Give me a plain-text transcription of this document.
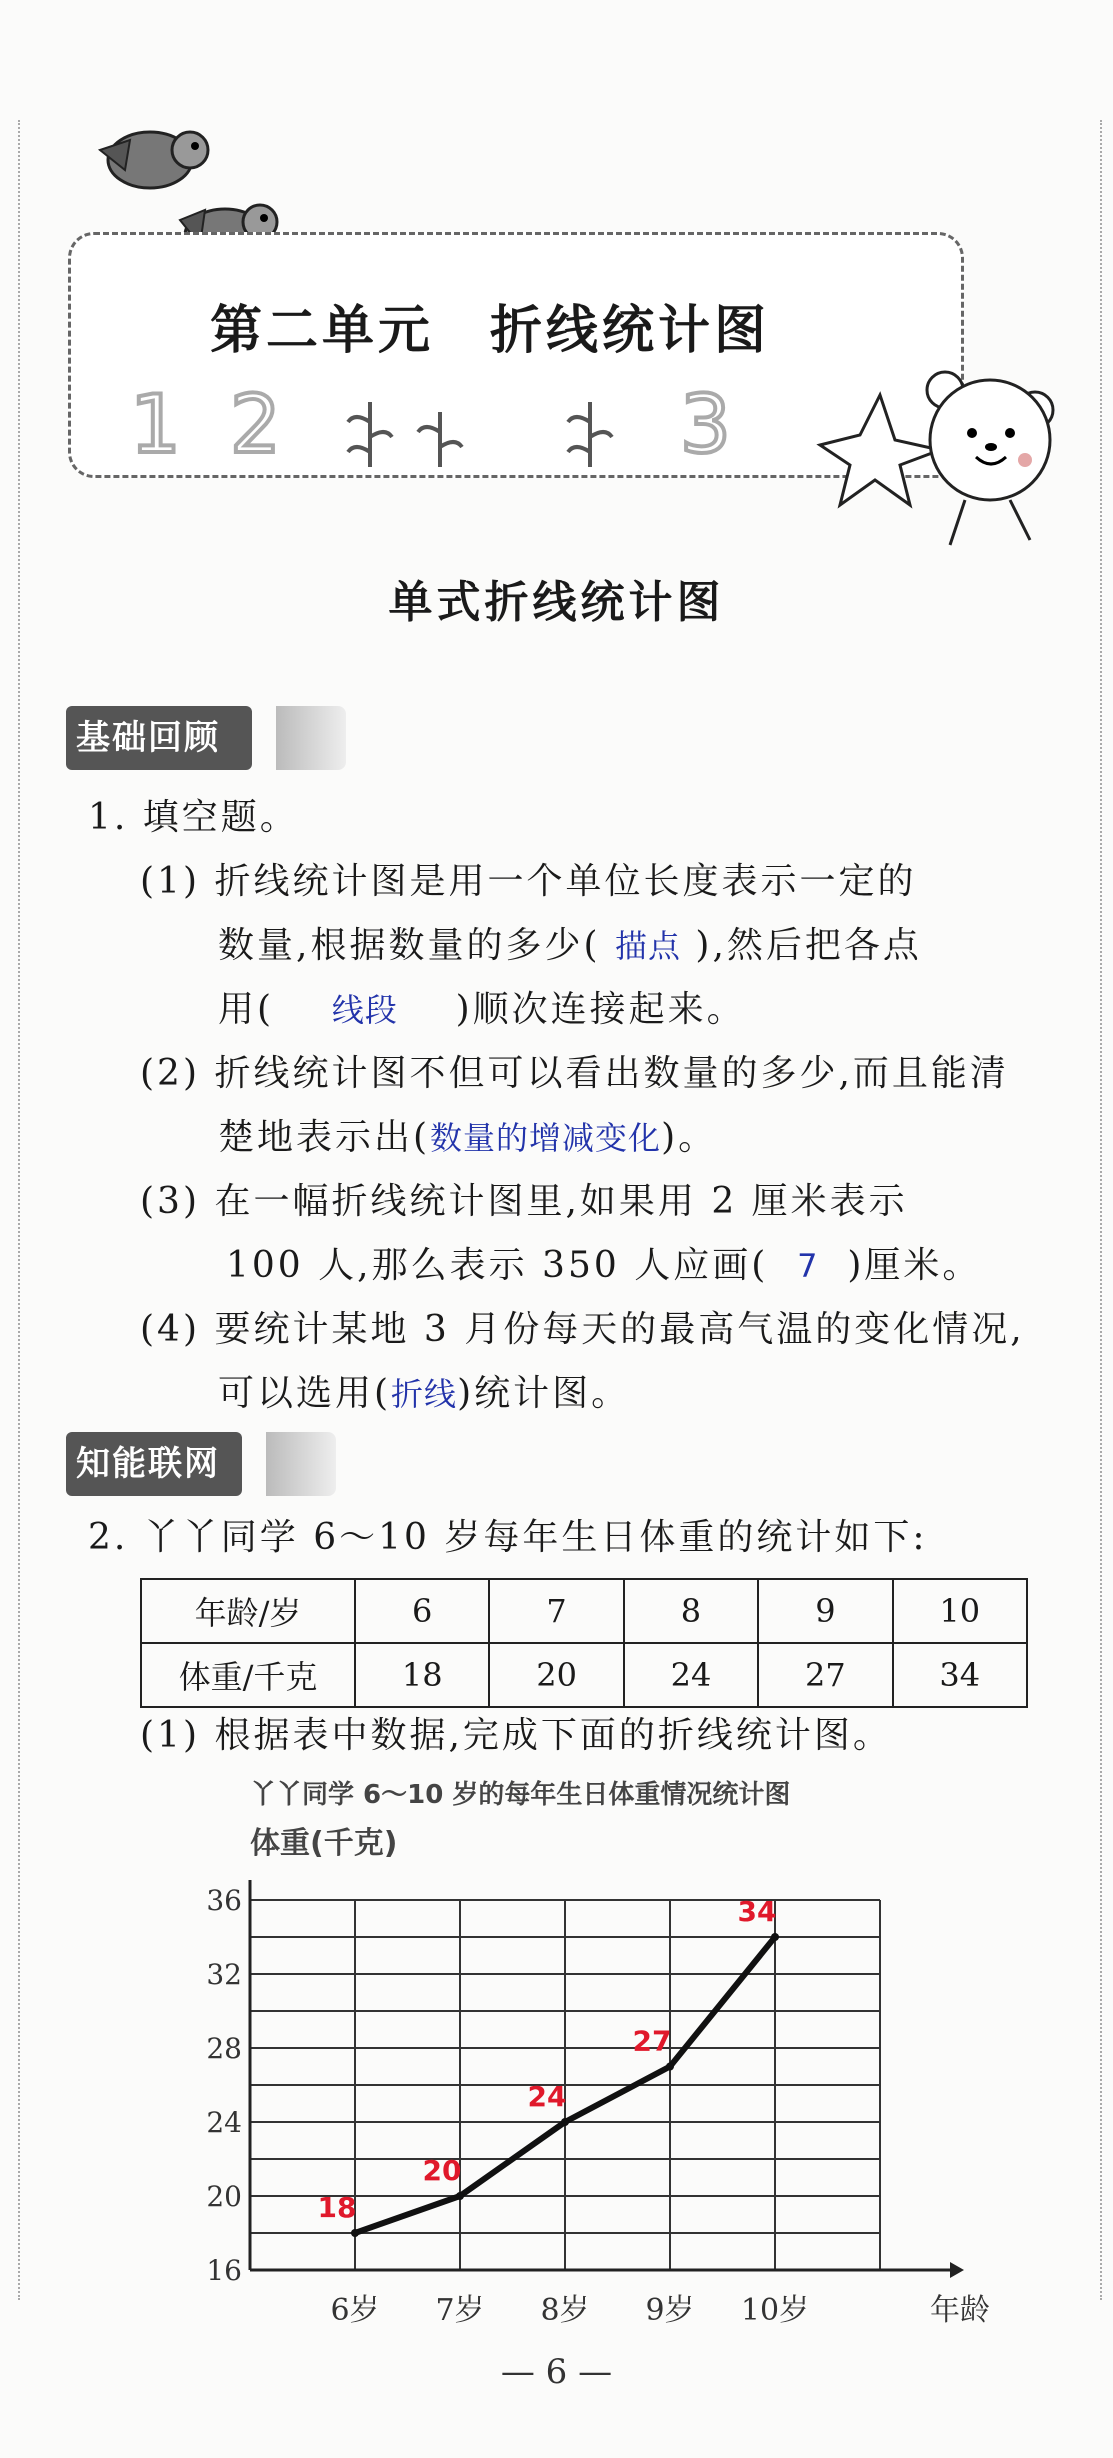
第二单元　折线统计图
1 2	3
单式折线统计图
基础回顾
1. 填空题。
(1) 折线统计图是用一个单位长度表示一定的
数量,根据数量的多少( 描点 ),然后把各点
用( 线段 )顺次连接起来。
(2) 折线统计图不但可以看出数量的多少,而且能清
楚地表示出(数量的增减变化)。
(3) 在一幅折线统计图里,如果用 2 厘米表示
100 人,那么表示 350 人应画( 7 )厘米。
(4) 要统计某地 3 月份每天的最高气温的变化情况,
可以选用(折线)统计图。
知能联网
2. 丫丫同学 6～10 岁每年生日体重的统计如下:
年龄/岁	6	7	8	9	10
体重/千克	18	20	24	27	34
(1) 根据表中数据,完成下面的折线统计图。
丫丫同学 6～10 岁的每年生日体重情况统计图
体重(千克)
16
20
24
28
32
36
6岁 7岁 8岁 9岁 10岁	年龄
18
20
24
27
34
— 6 —
